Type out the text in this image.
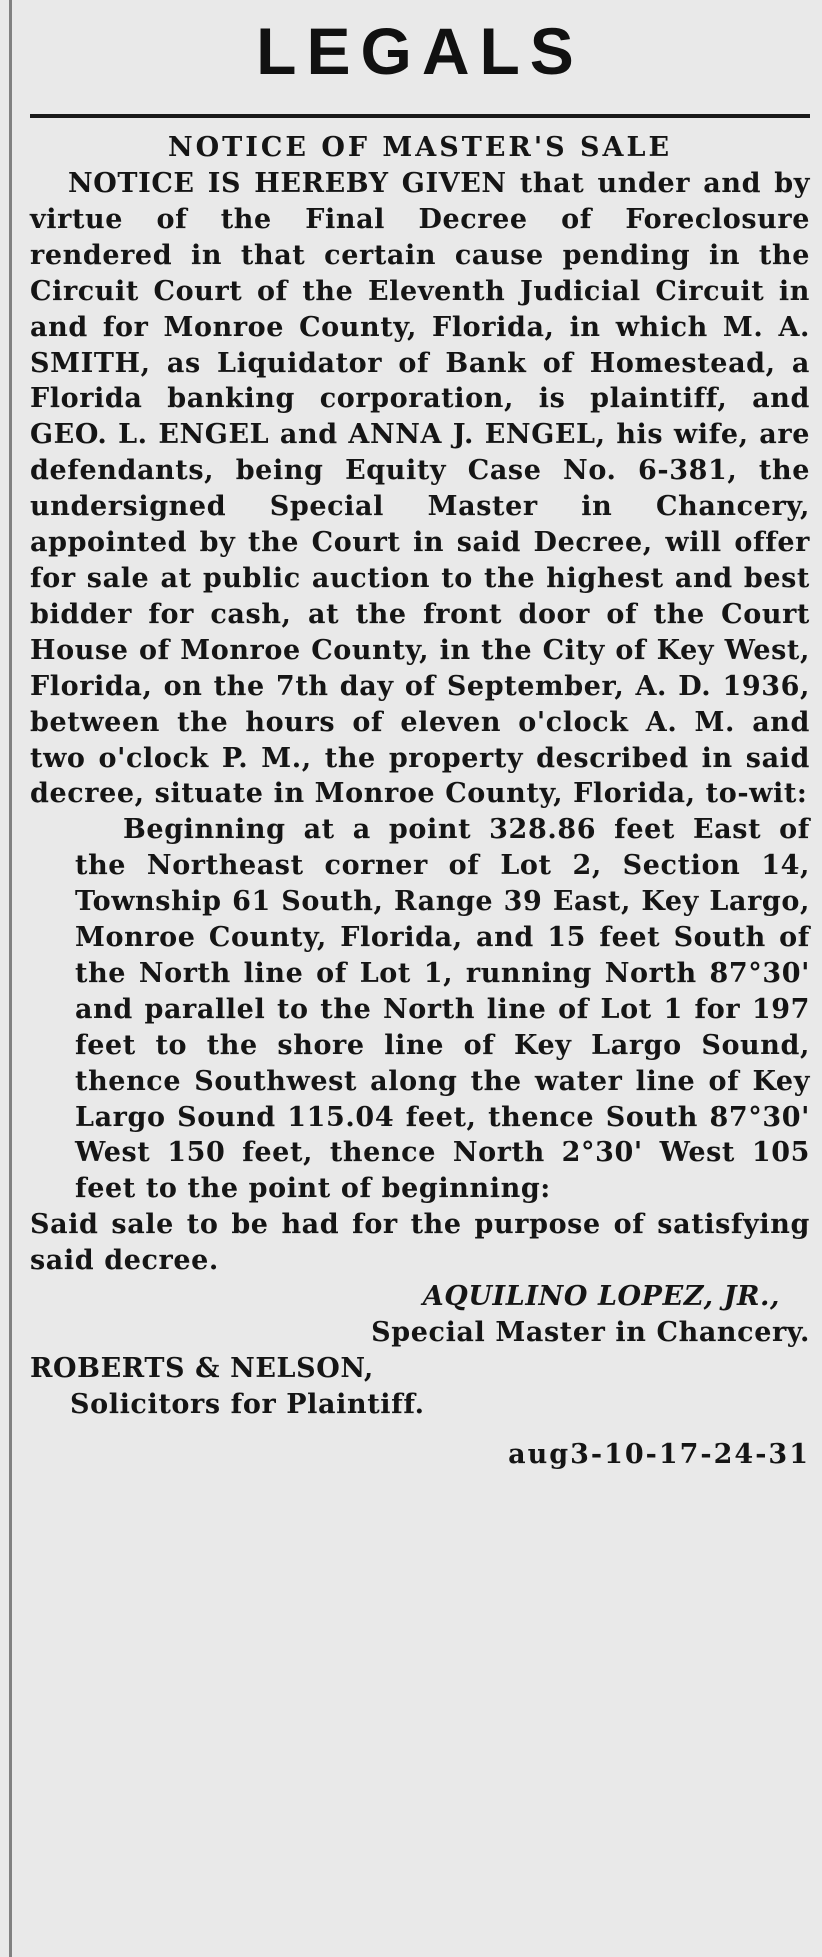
LEGALS
NOTICE OF MASTER'S SALE
NOTICE IS HEREBY GIVEN that under and by virtue of the Final Decree of Foreclosure rendered in that certain cause pending in the Circuit Court of the Eleventh Judicial Circuit in and for Monroe County, Florida, in which M. A. SMITH, as Liquidator of Bank of Homestead, a Florida banking corporation, is plaintiff, and GEO. L. ENGEL and ANNA J. ENGEL, his wife, are defendants, being Equity Case No. 6-381, the undersigned Special Master in Chancery, appointed by the Court in said Decree, will offer for sale at public auction to the highest and best bidder for cash, at the front door of the Court House of Monroe County, in the City of Key West, Florida, on the 7th day of September, A. D. 1936, between the hours of eleven o'clock A. M. and two o'clock P. M., the property described in said decree, situate in Monroe County, Florida, to-wit:
Beginning at a point 328.86 feet East of the Northeast corner of Lot 2, Section 14, Township 61 South, Range 39 East, Key Largo, Monroe County, Florida, and 15 feet South of the North line of Lot 1, running North 87°30' and parallel to the North line of Lot 1 for 197 feet to the shore line of Key Largo Sound, thence Southwest along the water line of Key Largo Sound 115.04 feet, thence South 87°30' West 150 feet, thence North 2°30' West 105 feet to the point of beginning:
Said sale to be had for the purpose of satisfying said decree.
AQUILINO LOPEZ, JR.,
Special Master in Chancery.
ROBERTS & NELSON,
Solicitors for Plaintiff.
aug3-10-17-24-31
